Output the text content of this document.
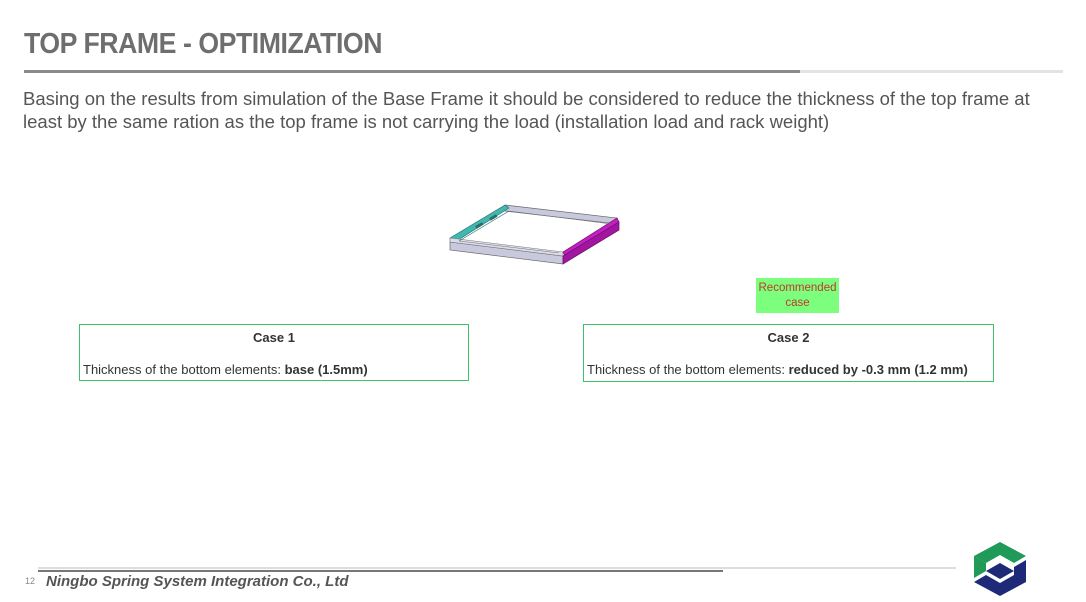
TOP FRAME - OPTIMIZATION
Basing on the results from simulation of the Base Frame it should be considered to reduce the thickness of the top frame at least by the same ration as the top frame is not carrying the load (installation load and rack weight)
Recommended
case
Case 1
Thickness of the bottom elements: base (1.5mm)
Case 2
Thickness of the bottom elements: reduced by -0.3 mm (1.2 mm)
12 Ningbo Spring System Integration Co., Ltd
